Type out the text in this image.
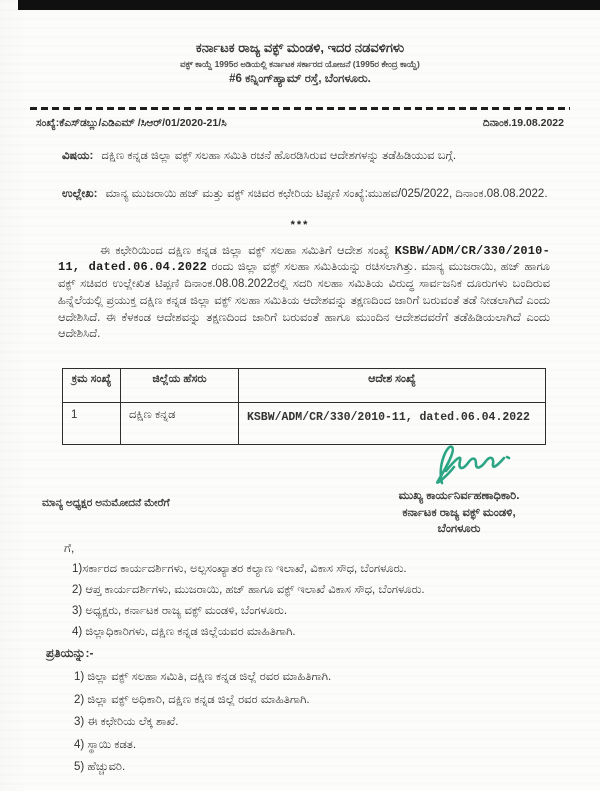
ಕರ್ನಾಟಕ ರಾಜ್ಯ ವಕ್ಫ್ ಮಂಡಳಿ, ಇದರ ನಡವಳಿಗಳು
ವಕ್ಫ್ ಕಾಯ್ದೆ 1995ರ ಅಡಿಯಲ್ಲಿ ಕರ್ನಾಟಕ ಸರ್ಕಾರದ ಯೋಜನೆ (1995ರ ಕೇಂದ್ರ ಕಾಯ್ದೆ)
#6 ಕನ್ನಿಂಗ್‌ಹ್ಯಾಮ್ ರಸ್ತೆ, ಬೆಂಗಳೂರು.
ಸಂಖ್ಯೆ:ಕೆಎಸ್‌ಡಬ್ಲು/ಎಡಿಎಮ್ /ಸಿಆರ್/01/2020-21/ಸಿ	ದಿನಾಂಕ.19.08.2022
ವಿಷಯ: ದಕ್ಷಿಣ ಕನ್ನಡ ಜಿಲ್ಲಾ ವಕ್ಫ್ ಸಲಹಾ ಸಮಿತಿ ರಚನೆ ಹೊರಡಿಸಿರುವ ಆದೇಶಗಳನ್ನು ತಡೆಹಿಡಿಯುವ ಬಗ್ಗೆ.
ಉಲ್ಲೇಖ: ಮಾನ್ಯ ಮುಜರಾಯಿ ಹಜ್ ಮತ್ತು ವಕ್ಫ್ ಸಚಿವರ ಕಛೇರಿಯ ಟಿಪ್ಪಣಿ ಸಂಖ್ಯೆ:ಮುಹವ/025/2022, ದಿನಾಂಕ.08.08.2022.
***

ಈ ಕಛೇರಿಯಿಂದ ದಕ್ಷಿಣ ಕನ್ನಡ ಜಿಲ್ಲಾ ವಕ್ಫ್ ಸಲಹಾ ಸಮಿತಿಗೆ ಆದೇಶ ಸಂಖ್ಯೆ KSBW/ADM/CR/330/2010-11, dated.06.04.2022 ರಂದು ಜಿಲ್ಲಾ ವಕ್ಫ್ ಸಲಹಾ ಸಮಿತಿಯನ್ನು ರಚಿಸಲಾಗಿತ್ತು. ಮಾನ್ಯ ಮುಜರಾಯಿ, ಹಜ್ ಹಾಗೂ ವಕ್ಫ್ ಸಚಿವರ ಉಲ್ಲೇಖಿತ ಟಿಪ್ಪಣಿ ದಿನಾಂಕ.08.08.2022ರಲ್ಲಿ ಸದರಿ ಸಲಹಾ ಸಮಿತಿಯ ವಿರುದ್ಧ ಸಾರ್ವಜನಿಕ ದೂರುಗಳು ಬಂದಿರುವ ಹಿನ್ನೆಲೆಯಲ್ಲಿ ಪ್ರಯುಕ್ತ ದಕ್ಷಿಣ ಕನ್ನಡ ಜಿಲ್ಲಾ ವಕ್ಫ್ ಸಲಹಾ ಸಮಿತಿಯ ಆದೇಶವನ್ನು ತಕ್ಷಣದಿಂದ ಜಾರಿಗೆ ಬರುವಂತೆ ತಡೆ ನೀಡಲಾಗಿದೆ ಎಂದು ಆದೇಶಿಸಿದೆ. ಈ ಕೆಳಕಂಡ ಆದೇಶವನ್ನು ತಕ್ಷಣದಿಂದ ಜಾರಿಗೆ ಬರುವಂತೆ ಹಾಗೂ ಮುಂದಿನ ಆದೇಶದವರೆಗೆ ತಡೆಹಿಡಿಯಲಾಗಿದೆ ಎಂದು ಆದೇಶಿಸಿದೆ.

ಕ್ರಮ ಸಂಖ್ಯೆ	ಜಿಲ್ಲೆಯ ಹೆಸರು	ಆದೇಶ ಸಂಖ್ಯೆ
1	ದಕ್ಷಿಣ ಕನ್ನಡ	KSBW/ADM/CR/330/2010-11, dated.06.04.2022
ಮಾನ್ಯ ಅಧ್ಯಕ್ಷರ ಅನುಮೋದನೆ ಮೇರೆಗೆ
ಮುಖ್ಯ ಕಾರ್ಯನಿರ್ವಹಣಾಧಿಕಾರಿ.
ಕರ್ನಾಟಕ ರಾಜ್ಯ ವಕ್ಫ್ ಮಂಡಳಿ,
ಬೆಂಗಳೂರು
ಗೆ,
1)ಸರ್ಕಾರದ ಕಾರ್ಯದರ್ಶಿಗಳು, ಅಲ್ಪಸಂಖ್ಯಾತರ ಕಲ್ಯಾಣ ಇಲಾಖೆ, ವಿಕಾಸ ಸೌಧ, ಬೆಂಗಳೂರು.
2) ಆಪ್ತ ಕಾರ್ಯದರ್ಶಿಗಳು, ಮುಜರಾಯಿ, ಹಜ್ ಹಾಗೂ ವಕ್ಫ್ ಇಲಾಖೆ ವಿಕಾಸ ಸೌಧ, ಬೆಂಗಳೂರು.
3) ಅಧ್ಯಕ್ಷರು, ಕರ್ನಾಟಕ ರಾಜ್ಯ ವಕ್ಫ್ ಮಂಡಳಿ, ಬೆಂಗಳೂರು.
4) ಜಿಲ್ಲಾಧಿಕಾರಿಗಳು, ದಕ್ಷಿಣ ಕನ್ನಡ ಜಿಲ್ಲೆಯವರ ಮಾಹಿತಿಗಾಗಿ.
ಪ್ರತಿಯನ್ನು:-
1) ಜಿಲ್ಲಾ ವಕ್ಫ್ ಸಲಹಾ ಸಮಿತಿ, ದಕ್ಷಿಣ ಕನ್ನಡ ಜಿಲ್ಲೆ ರವರ ಮಾಹಿತಿಗಾಗಿ.
2) ಜಿಲ್ಲಾ ವಕ್ಫ್ ಅಧಿಕಾರಿ, ದಕ್ಷಿಣ ಕನ್ನಡ ಜಿಲ್ಲೆ ರವರ ಮಾಹಿತಿಗಾಗಿ.
3) ಈ ಕಛೇರಿಯ ಲೆಕ್ಕ ಶಾಖೆ.
4) ಸ್ಥಾಯಿ ಕಡತ.
5) ಹೆಚ್ಚುವರಿ.
